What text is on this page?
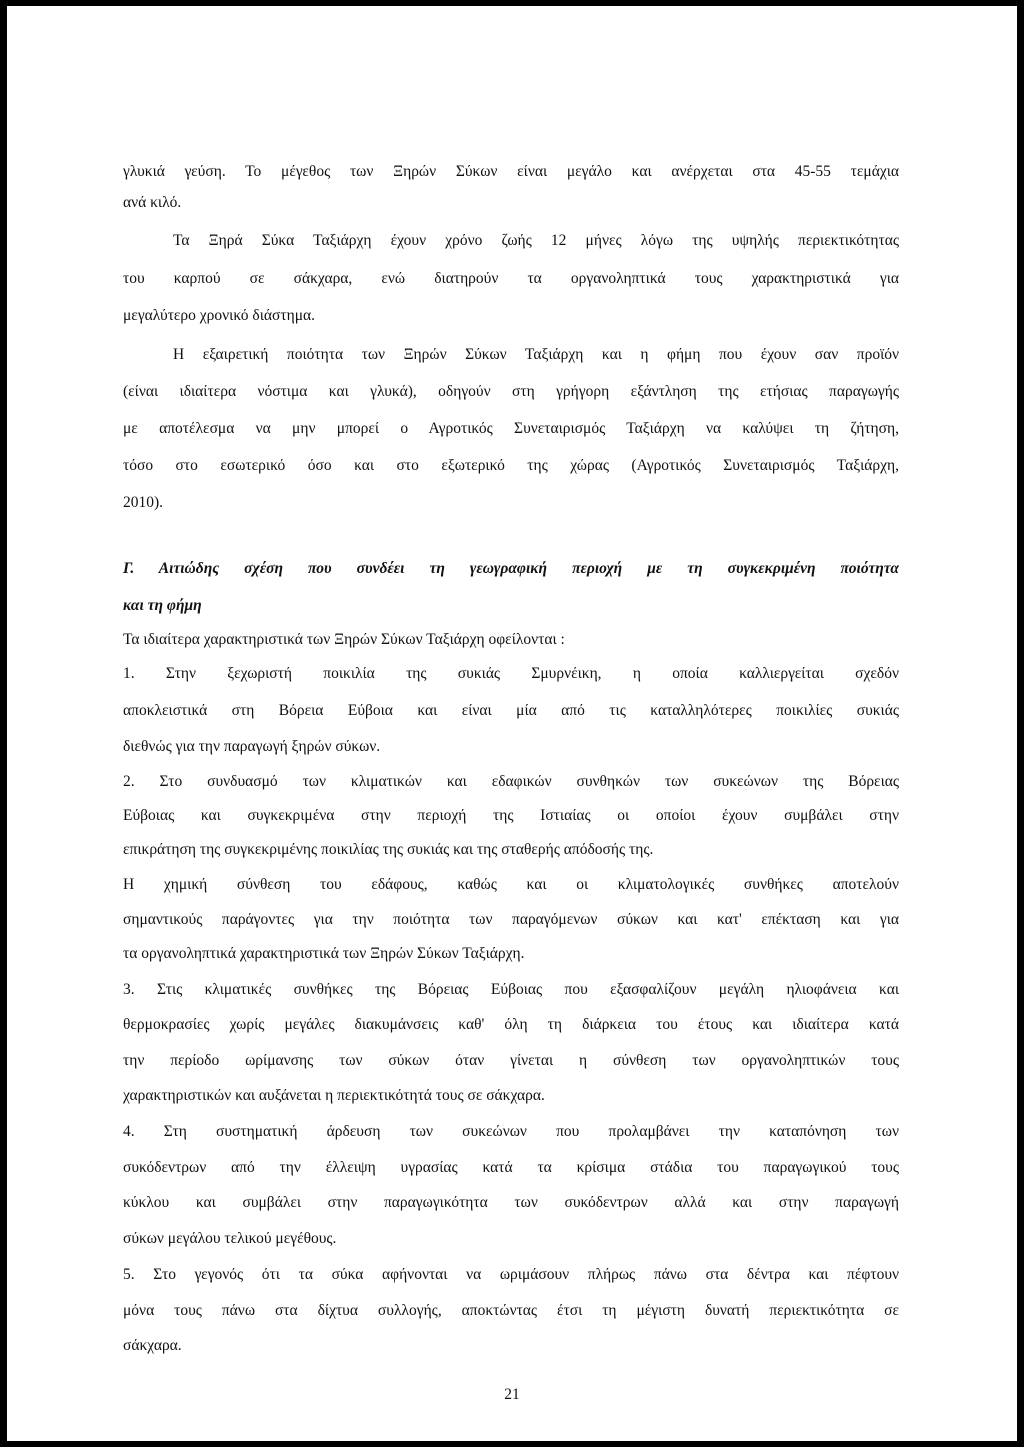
γλυκιά γεύση. Το μέγεθος των Ξηρών Σύκων είναι μεγάλο και ανέρχεται στα 45-55 τεμάχια
ανά κιλό.
Τα Ξηρά Σύκα Ταξιάρχη έχουν χρόνο ζωής 12 μήνες λόγω της υψηλής περιεκτικότητας
του καρπού σε σάκχαρα, ενώ διατηρούν τα οργανοληπτικά τους χαρακτηριστικά για
μεγαλύτερο χρονικό διάστημα.
Η εξαιρετική ποιότητα των Ξηρών Σύκων Ταξιάρχη και η φήμη που έχουν σαν προϊόν
(είναι ιδιαίτερα νόστιμα και γλυκά), οδηγούν στη γρήγορη εξάντληση της ετήσιας παραγωγής
με αποτέλεσμα να μην μπορεί ο Αγροτικός Συνεταιρισμός Ταξιάρχη να καλύψει τη ζήτηση,
τόσο στο εσωτερικό όσο και στο εξωτερικό της χώρας (Αγροτικός Συνεταιρισμός Ταξιάρχη,
2010).
Γ. Αιτιώδης σχέση που συνδέει τη γεωγραφική περιοχή με τη συγκεκριμένη ποιότητα
και τη φήμη
Τα ιδιαίτερα χαρακτηριστικά των Ξηρών Σύκων Ταξιάρχη οφείλονται :
1. Στην ξεχωριστή ποικιλία της συκιάς Σμυρνέικη, η οποία καλλιεργείται σχεδόν
αποκλειστικά στη Βόρεια Εύβοια και είναι μία από τις καταλληλότερες ποικιλίες συκιάς
διεθνώς για την παραγωγή ξηρών σύκων.
2. Στο συνδυασμό των κλιματικών και εδαφικών συνθηκών των συκεώνων της Βόρειας
Εύβοιας και συγκεκριμένα στην περιοχή της Ιστιαίας οι οποίοι έχουν συμβάλει στην
επικράτηση της συγκεκριμένης ποικιλίας της συκιάς και της σταθερής απόδοσής της.
Η χημική σύνθεση του εδάφους, καθώς και οι κλιματολογικές συνθήκες αποτελούν
σημαντικούς παράγοντες για την ποιότητα των παραγόμενων σύκων και κατ' επέκταση και για
τα οργανοληπτικά χαρακτηριστικά των Ξηρών Σύκων Ταξιάρχη.
3. Στις κλιματικές συνθήκες της Βόρειας Εύβοιας που εξασφαλίζουν μεγάλη ηλιοφάνεια και
θερμοκρασίες χωρίς μεγάλες διακυμάνσεις καθ' όλη τη διάρκεια του έτους και ιδιαίτερα κατά
την περίοδο ωρίμανσης των σύκων όταν γίνεται η σύνθεση των οργανοληπτικών τους
χαρακτηριστικών και αυξάνεται η περιεκτικότητά τους σε σάκχαρα.
4. Στη συστηματική άρδευση των συκεώνων που προλαμβάνει την καταπόνηση των
συκόδεντρων από την έλλειψη υγρασίας κατά τα κρίσιμα στάδια του παραγωγικού τους
κύκλου και συμβάλει στην παραγωγικότητα των συκόδεντρων αλλά και στην παραγωγή
σύκων μεγάλου τελικού μεγέθους.
5. Στο γεγονός ότι τα σύκα αφήνονται να ωριμάσουν πλήρως πάνω στα δέντρα και πέφτουν
μόνα τους πάνω στα δίχτυα συλλογής, αποκτώντας έτσι τη μέγιστη δυνατή περιεκτικότητα σε
σάκχαρα.
21
